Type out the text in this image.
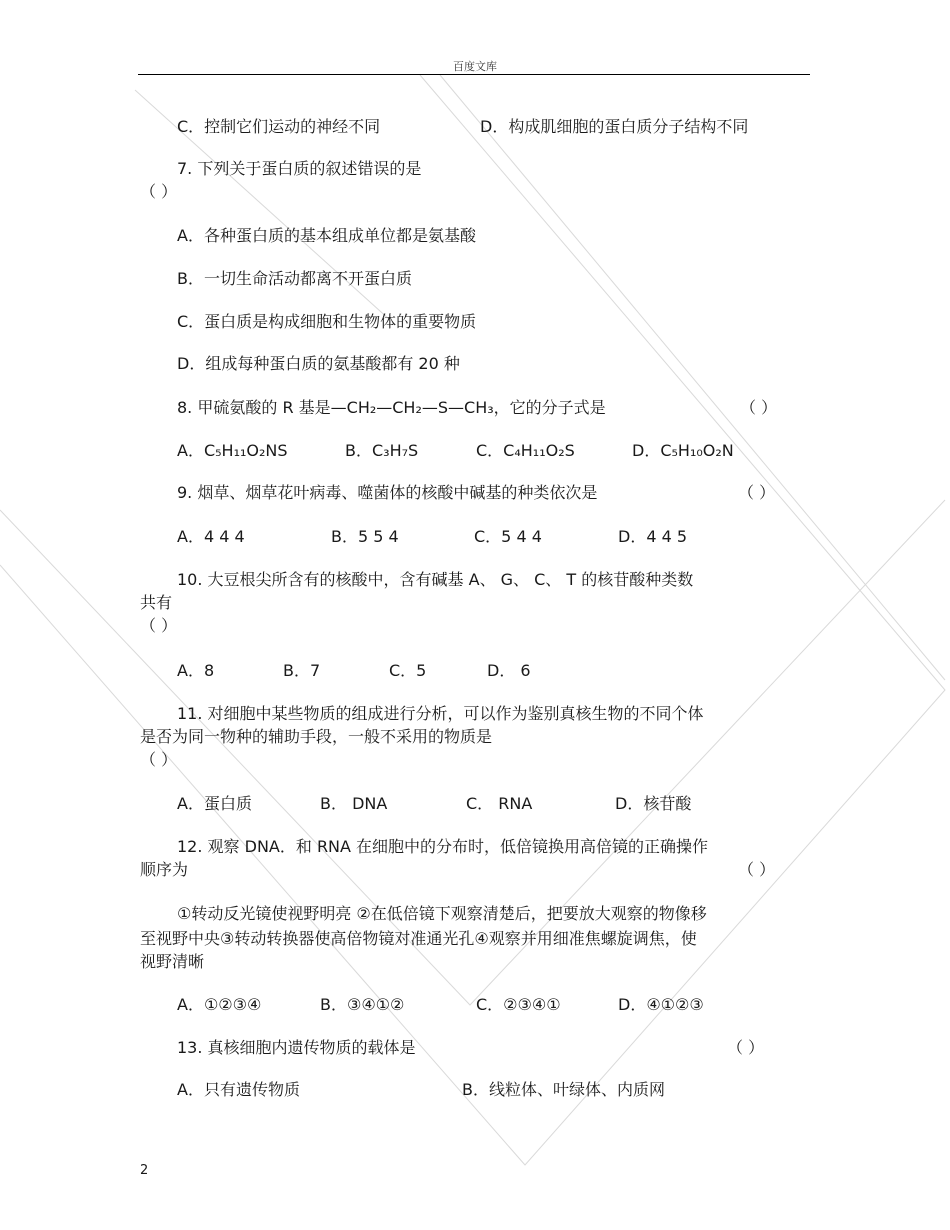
百度文库
C．控制它们运动的神经不同	D．构成肌细胞的蛋白质分子结构不同
7. 下列关于蛋白质的叙述错误的是
（ ）
A．各种蛋白质的基本组成单位都是氨基酸
B．一切生命活动都离不开蛋白质
C．蛋白质是构成细胞和生物体的重要物质
D．组成每种蛋白质的氨基酸都有 20 种
8. 甲硫氨酸的 R 基是—CH₂—CH₂—S—CH₃，它的分子式是	（ ）
A．C₅H₁₁O₂NS	B．C₃H₇S	C．C₄H₁₁O₂S	D．C₅H₁₀O₂N
9. 烟草、烟草花叶病毒、噬菌体的核酸中碱基的种类依次是	（ ）
A．4 4 4	B．5 5 4	C．5 4 4	D．4 4 5
10. 大豆根尖所含有的核酸中，含有碱基 A、 G、 C、 T 的核苷酸种类数
共有
（ ）
A．8	B．7	C．5	D． 6
11. 对细胞中某些物质的组成进行分析，可以作为鉴别真核生物的不同个体
是否为同一物种的辅助手段，一般不采用的物质是
（ ）
A．蛋白质	B． DNA	C． RNA	D．核苷酸
12. 观察 DNA．和 RNA 在细胞中的分布时，低倍镜换用高倍镜的正确操作
顺序为	（ ）
①转动反光镜使视野明亮 ②在低倍镜下观察清楚后，把要放大观察的物像移
至视野中央③转动转换器使高倍物镜对准通光孔④观察并用细准焦螺旋调焦，使
视野清晰
A．①②③④	B．③④①②	C．②③④①	D．④①②③
13. 真核细胞内遗传物质的载体是	（ ）
A．只有遗传物质	B．线粒体、叶绿体、内质网
2
